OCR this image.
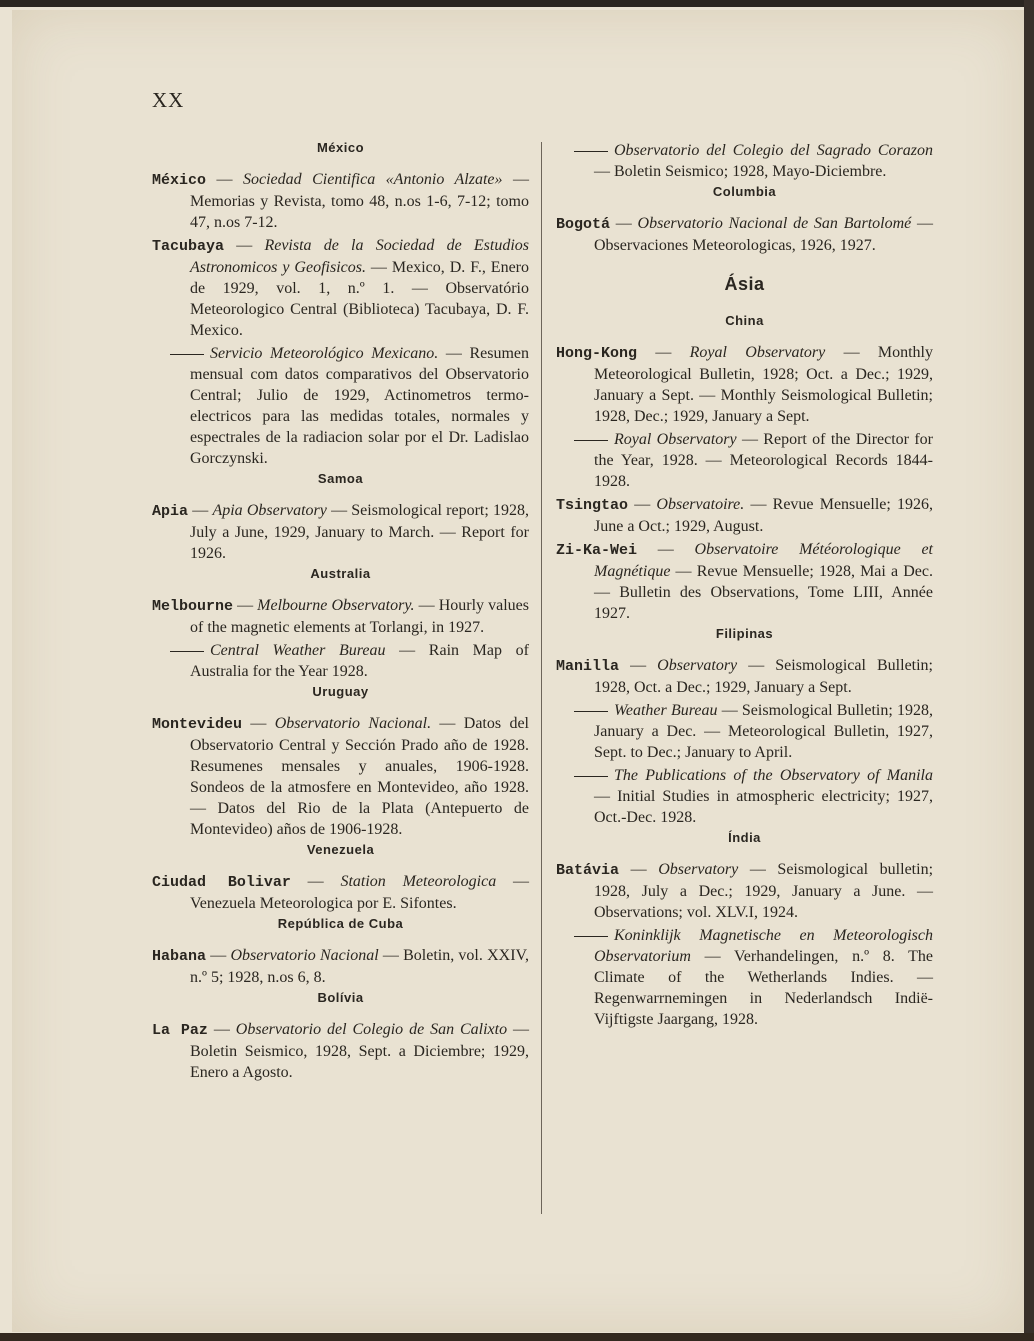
XX
México

México — Sociedad Cientifica «Antonio Alzate» — Memorias y Revista, tomo 48, n.os 1-6, 7-12; tomo 47, n.os 7-12.

Tacubaya — Revista de la Sociedad de Estudios Astronomicos y Geofisicos. — Mexico, D. F., Enero de 1929, vol. 1, n.º 1. — Observatório Meteorologico Central (Biblioteca) Tacubaya, D. F. Mexico.

Servicio Meteorológico Mexicano. — Resumen mensual com datos comparativos del Observatorio Central; Julio de 1929, Actinometros termo-electricos para las medidas totales, normales y espectrales de la radiacion solar por el Dr. Ladislao Gorczynski.

Samoa

Apia — Apia Observatory — Seismological report; 1928, July a June, 1929, January to March. — Report for 1926.

Australia

Melbourne — Melbourne Observatory. — Hourly values of the magnetic elements at Torlangi, in 1927.

Central Weather Bureau — Rain Map of Australia for the Year 1928.

Uruguay

Montevideu — Observatorio Nacional. — Datos del Observatorio Central y Sección Prado año de 1928. Resumenes mensales y anuales, 1906-1928. Sondeos de la atmosfere en Montevideo, año 1928. — Datos del Rio de la Plata (Antepuerto de Montevideo) años de 1906-1928.

Venezuela

Ciudad Bolivar — Station Meteorologica — Venezuela Meteorologica por E. Sifontes.

República de Cuba

Habana — Observatorio Nacional — Boletin, vol. XXIV, n.º 5; 1928, n.os 6, 8.

Bolívia

La Paz — Observatorio del Colegio de San Calixto — Boletin Seismico, 1928, Sept. a Diciembre; 1929, Enero a Agosto.

Observatorio del Colegio del Sagrado Corazon — Boletin Seismico; 1928, Mayo-Diciembre.

Columbia

Bogotá — Observatorio Nacional de San Bartolomé — Observaciones Meteorologicas, 1926, 1927.

Ásia
China

Hong-Kong — Royal Observatory — Monthly Meteorological Bulletin, 1928; Oct. a Dec.; 1929, January a Sept. — Monthly Seismological Bulletin; 1928, Dec.; 1929, January a Sept.

Royal Observatory — Report of the Director for the Year, 1928. — Meteorological Records 1844-1928.

Tsingtao — Observatoire. — Revue Mensuelle; 1926, June a Oct.; 1929, August.

Zi-Ka-Wei — Observatoire Météorologique et Magnétique — Revue Mensuelle; 1928, Mai a Dec. — Bulletin des Observations, Tome LIII, Année 1927.

Filipinas

Manilla — Observatory — Seismological Bulletin; 1928, Oct. a Dec.; 1929, January a Sept.

Weather Bureau — Seismological Bulletin; 1928, January a Dec. — Meteorological Bulletin, 1927, Sept. to Dec.; January to April.

The Publications of the Observatory of Manila — Initial Studies in atmospheric electricity; 1927, Oct.-Dec. 1928.

Índia

Batávia — Observatory — Seismological bulletin; 1928, July a Dec.; 1929, January a June. — Observations; vol. XLV.I, 1924.

Koninklijk Magnetische en Meteorologisch Observatorium — Verhandelingen, n.º 8. The Climate of the Wetherlands Indies. — Regenwarrnemingen in Nederlandsch Indië-Vijftigste Jaargang, 1928.
